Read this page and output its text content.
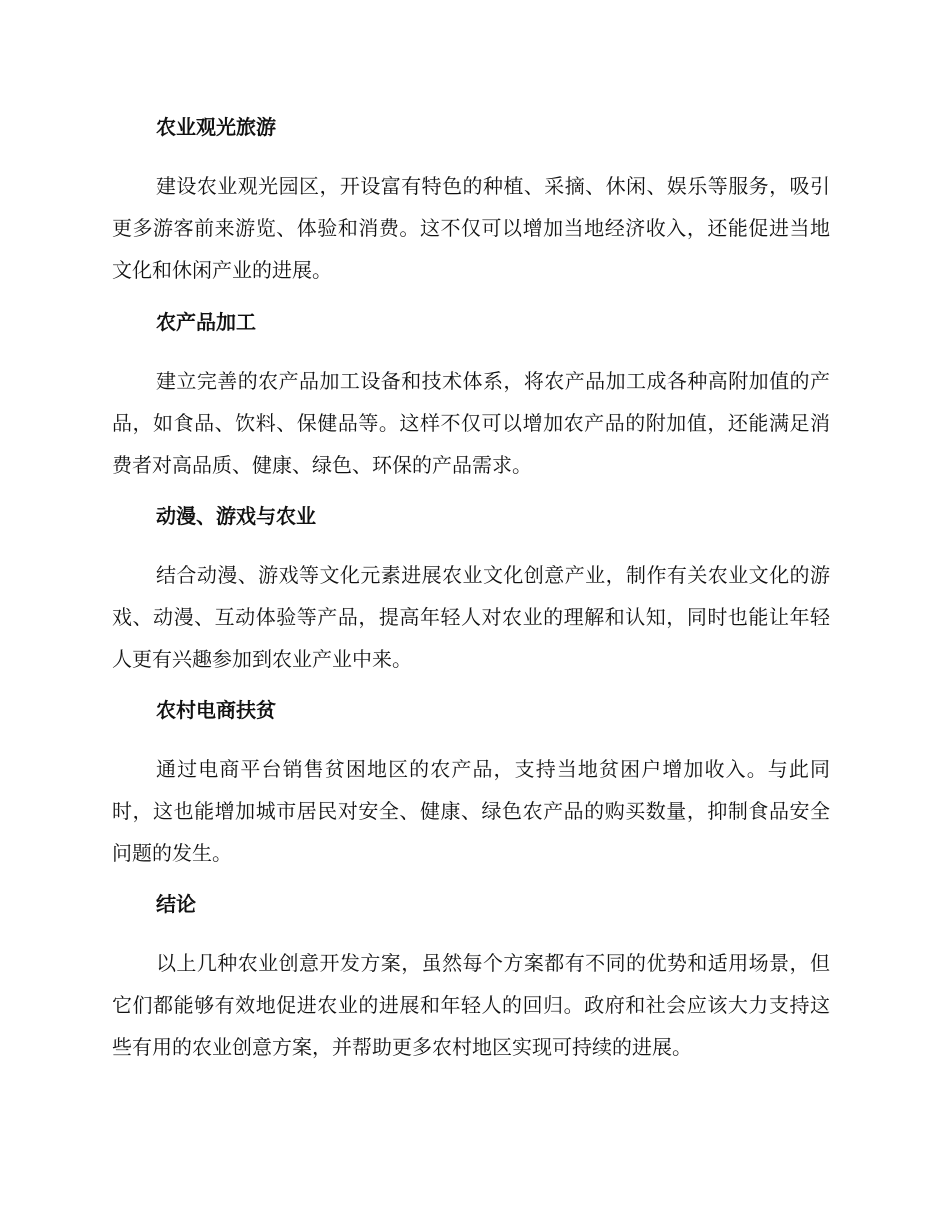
农业观光旅游

建设农业观光园区，开设富有特色的种植、采摘、休闲、娱乐等服务，吸引更多游客前来游览、体验和消费。这不仅可以增加当地经济收入，还能促进当地文化和休闲产业的进展。

农产品加工

建立完善的农产品加工设备和技术体系，将农产品加工成各种高附加值的产品，如食品、饮料、保健品等。这样不仅可以增加农产品的附加值，还能满足消费者对高品质、健康、绿色、环保的产品需求。

动漫、游戏与农业

结合动漫、游戏等文化元素进展农业文化创意产业，制作有关农业文化的游戏、动漫、互动体验等产品，提高年轻人对农业的理解和认知，同时也能让年轻人更有兴趣参加到农业产业中来。

农村电商扶贫

通过电商平台销售贫困地区的农产品，支持当地贫困户增加收入。与此同时，这也能增加城市居民对安全、健康、绿色农产品的购买数量，抑制食品安全问题的发生。

结论

以上几种农业创意开发方案，虽然每个方案都有不同的优势和适用场景，但它们都能够有效地促进农业的进展和年轻人的回归。政府和社会应该大力支持这些有用的农业创意方案，并帮助更多农村地区实现可持续的进展。
